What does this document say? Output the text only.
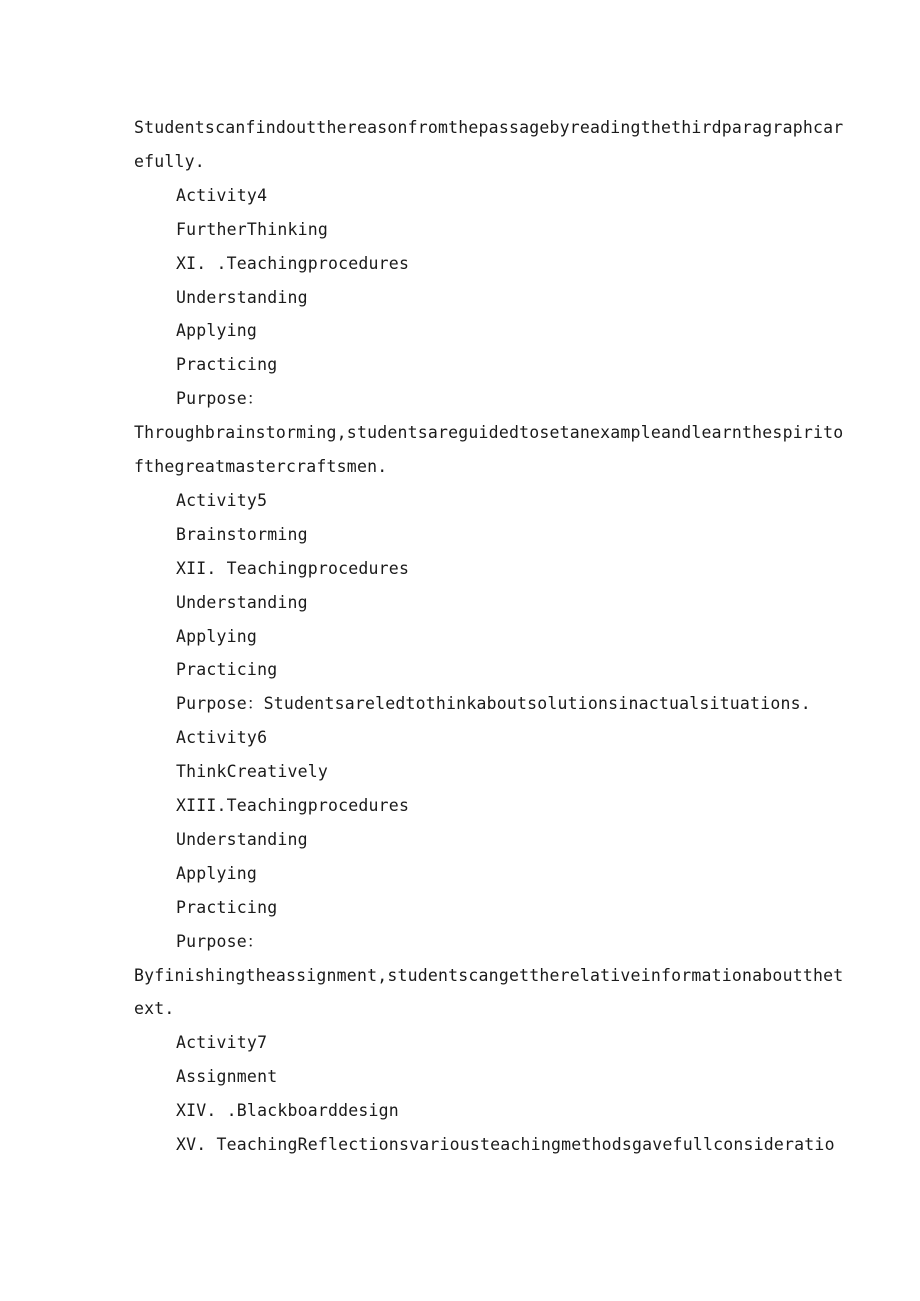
Studentscanfindoutthereasonfromthepassagebyreadingthethirdparagraphcar
efully.
Activity4
FurtherThinking
XI. .Teachingprocedures
Understanding
Applying
Practicing
Purpose：
Throughbrainstorming,studentsareguidedtosetanexampleandlearnthespirito
fthegreatmastercraftsmen.
Activity5
Brainstorming
XII. Teachingprocedures
Understanding
Applying
Practicing
Purpose：Studentsareledtothinkaboutsolutionsinactualsituations.
Activity6
ThinkCreatively
XIII.Teachingprocedures
Understanding
Applying
Practicing
Purpose：
Byfinishingtheassignment,studentscangettherelativeinformationaboutthet
ext.
Activity7
Assignment
XIV. .Blackboarddesign
XV. TeachingReflectionsvariousteachingmethodsgavefullconsideratio
